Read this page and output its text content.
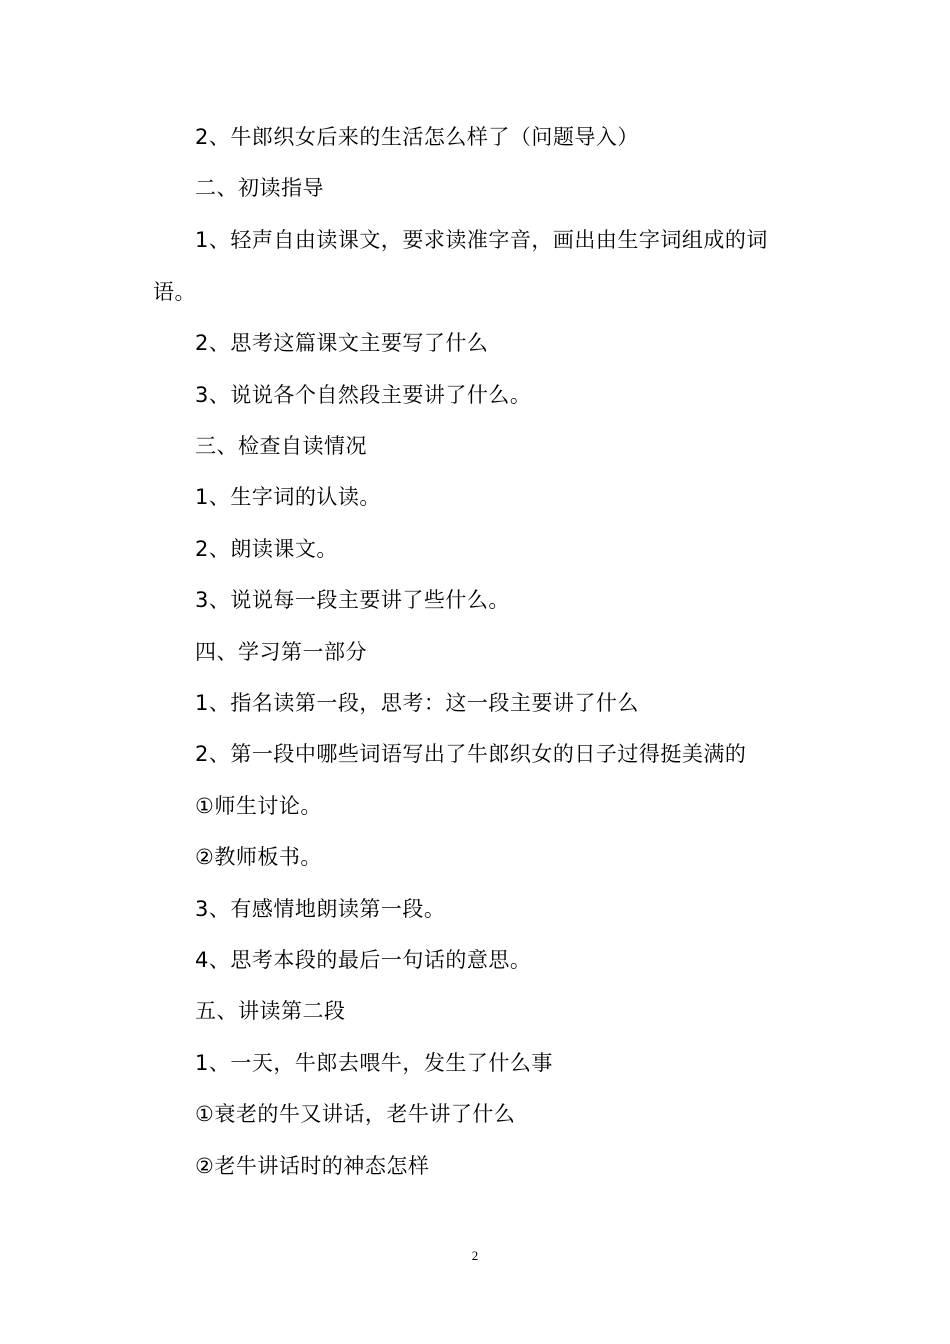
2、牛郎织女后来的生活怎么样了（问题导入）
二、初读指导
1、轻声自由读课文，要求读准字音，画出由生字词组成的词
语。
2、思考这篇课文主要写了什么
3、说说各个自然段主要讲了什么。
三、检查自读情况
1、生字词的认读。
2、朗读课文。
3、说说每一段主要讲了些什么。
四、学习第一部分
1、指名读第一段，思考：这一段主要讲了什么
2、第一段中哪些词语写出了牛郎织女的日子过得挺美满的
①师生讨论。
②教师板书。
3、有感情地朗读第一段。
4、思考本段的最后一句话的意思。
五、讲读第二段
1、一天，牛郎去喂牛，发生了什么事
①衰老的牛又讲话，老牛讲了什么
②老牛讲话时的神态怎样
2
